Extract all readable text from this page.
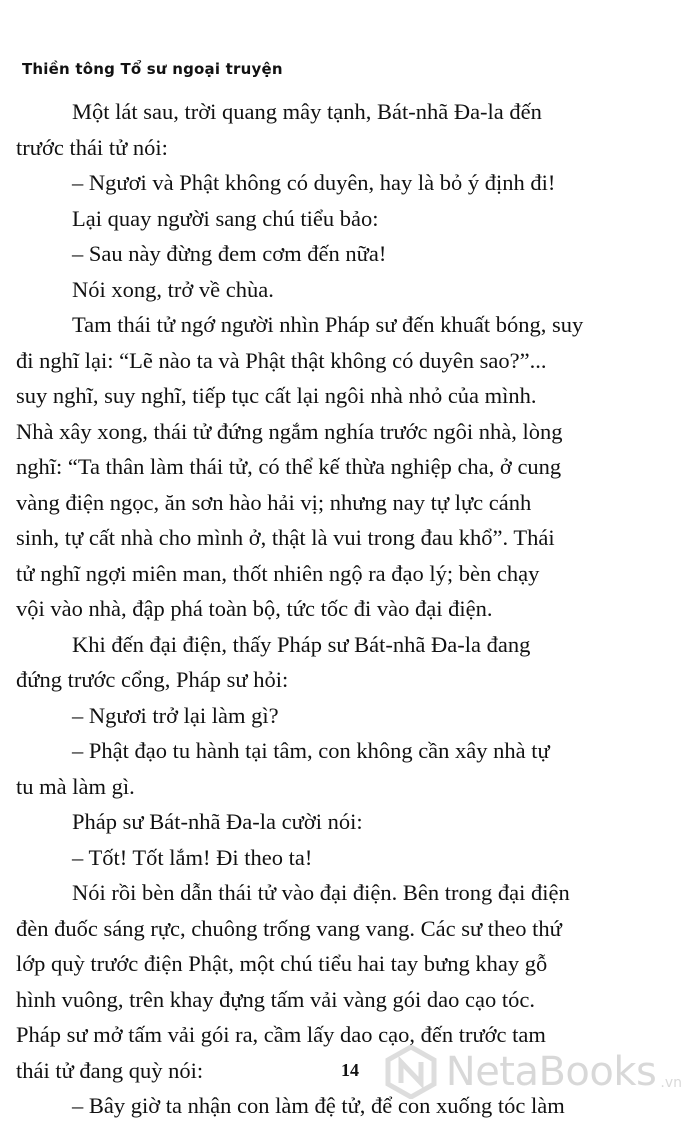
Thiền tông Tổ sư ngoại truyện

Một lát sau, trời quang mây tạnh, Bát-nhã Đa-la đến
trước thái tử nói:

– Ngươi và Phật không có duyên, hay là bỏ ý định đi!

Lại quay người sang chú tiểu bảo:

– Sau này đừng đem cơm đến nữa!

Nói xong, trở về chùa.

Tam thái tử ngớ người nhìn Pháp sư đến khuất bóng, suy
đi nghĩ lại: “Lẽ nào ta và Phật thật không có duyên sao?”...
suy nghĩ, suy nghĩ, tiếp tục cất lại ngôi nhà nhỏ của mình.
Nhà xây xong, thái tử đứng ngắm nghía trước ngôi nhà, lòng
nghĩ: “Ta thân làm thái tử, có thể kế thừa nghiệp cha, ở cung
vàng điện ngọc, ăn sơn hào hải vị; nhưng nay tự lực cánh
sinh, tự cất nhà cho mình ở, thật là vui trong đau khổ”. Thái
tử nghĩ ngợi miên man, thốt nhiên ngộ ra đạo lý; bèn chạy
vội vào nhà, đập phá toàn bộ, tức tốc đi vào đại điện.

Khi đến đại điện, thấy Pháp sư Bát-nhã Đa-la đang
đứng trước cổng, Pháp sư hỏi:

– Ngươi trở lại làm gì?

– Phật đạo tu hành tại tâm, con không cần xây nhà tự
tu mà làm gì.

Pháp sư Bát-nhã Đa-la cười nói:

– Tốt! Tốt lắm! Đi theo ta!

Nói rồi bèn dẫn thái tử vào đại điện. Bên trong đại điện
đèn đuốc sáng rực, chuông trống vang vang. Các sư theo thứ
lớp quỳ trước điện Phật, một chú tiểu hai tay bưng khay gỗ
hình vuông, trên khay đựng tấm vải vàng gói dao cạo tóc.
Pháp sư mở tấm vải gói ra, cầm lấy dao cạo, đến trước tam
thái tử đang quỳ nói:

– Bây giờ ta nhận con làm đệ tử, để con xuống tóc làm

14	NetaBooks .vn
